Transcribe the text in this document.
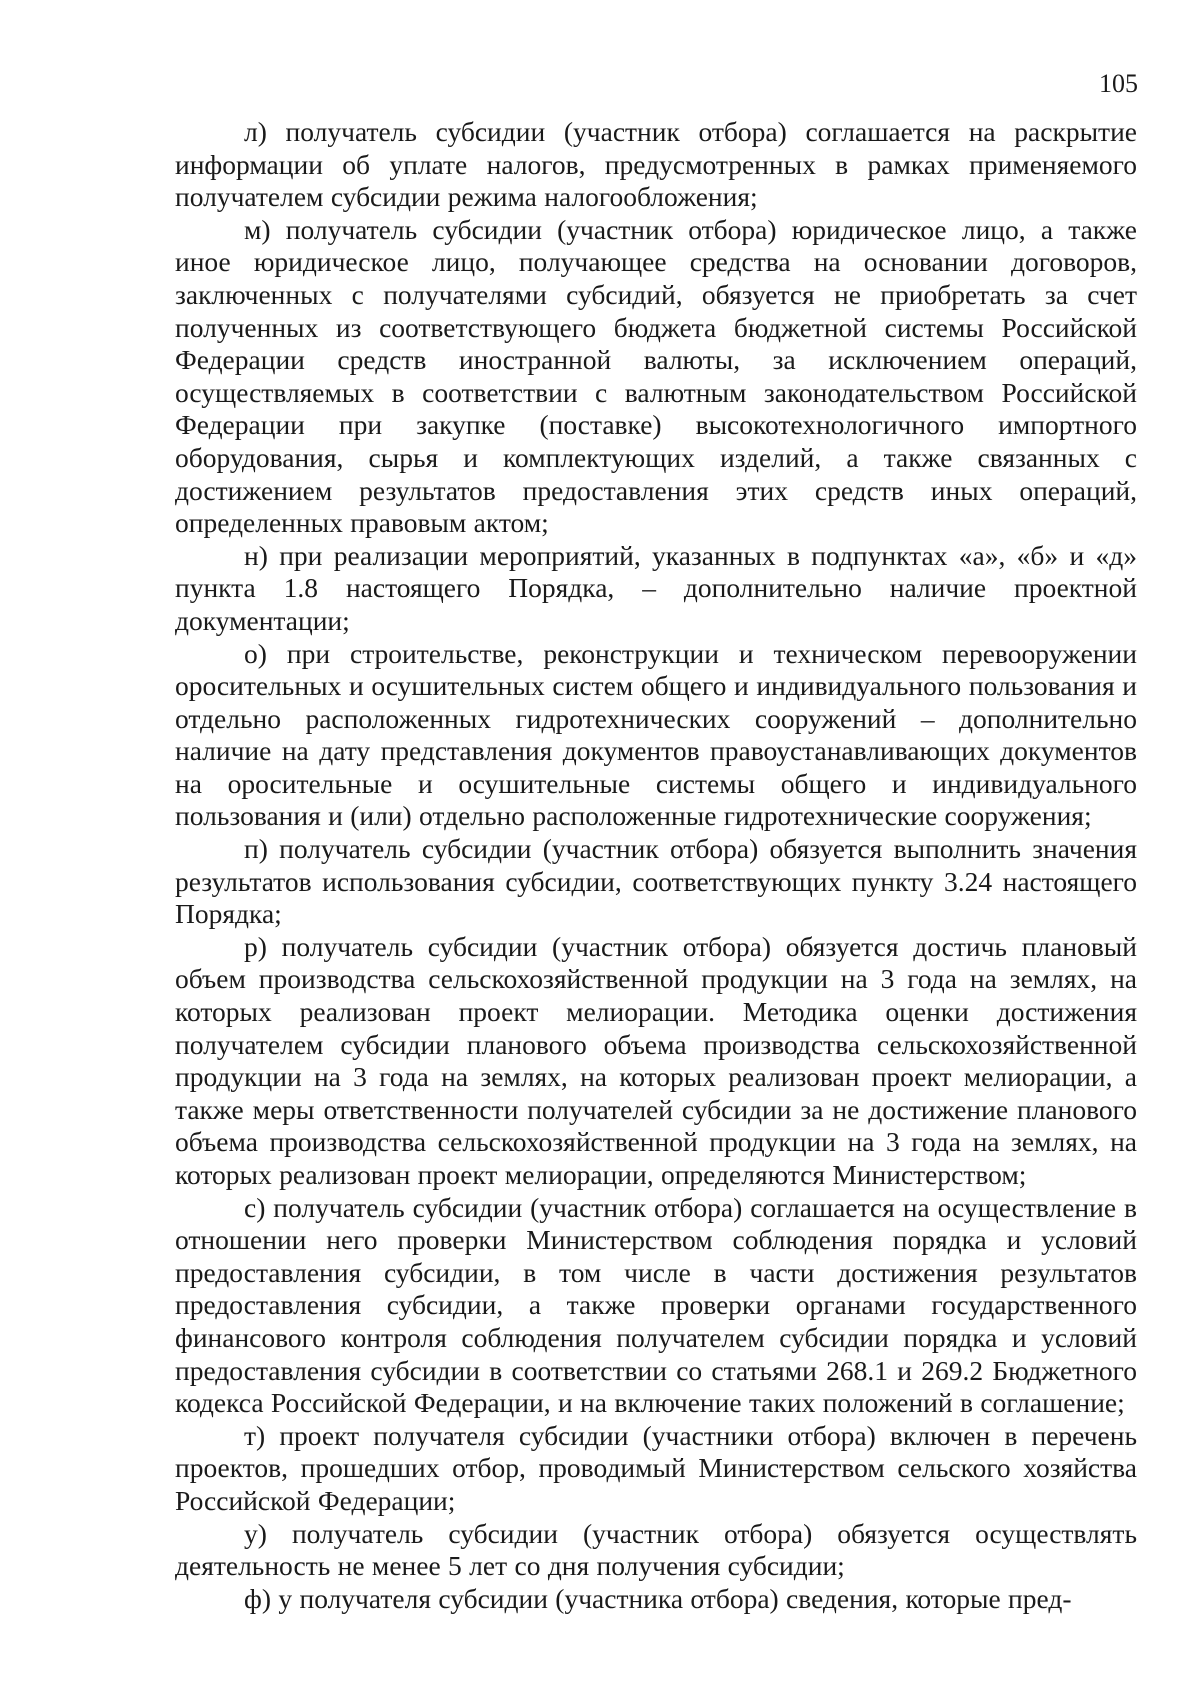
105

л) получатель субсидии (участник отбора) соглашается на раскрытие информации об уплате налогов, предусмотренных в рамках применяемого получателем субсидии режима налогообложения;

м) получатель субсидии (участник отбора) юридическое лицо, а также иное юридическое лицо, получающее средства на основании договоров, заключенных с получателями субсидий, обязуется не приобретать за счет полученных из соответствующего бюджета бюджетной системы Российской Федерации средств иностранной валюты, за исключением операций, осуществляемых в соответствии с валютным законодательством Российской Федерации при закупке (поставке) высокотехнологичного импортного оборудования, сырья и комплектующих изделий, а также связанных с достижением результатов предоставления этих средств иных операций, определенных правовым актом;

н) при реализации мероприятий, указанных в подпунктах «а», «б» и «д» пункта 1.8 настоящего Порядка, – дополнительно наличие проектной документации;

о) при строительстве, реконструкции и техническом перевооружении оросительных и осушительных систем общего и индивидуального пользования и отдельно расположенных гидротехнических сооружений – дополнительно наличие на дату представления документов правоустанавливающих документов на оросительные и осушительные системы общего и индивидуального пользования и (или) отдельно расположенные гидротехнические сооружения;

п) получатель субсидии (участник отбора) обязуется выполнить значения результатов использования субсидии, соответствующих пункту 3.24 настоящего Порядка;

р) получатель субсидии (участник отбора) обязуется достичь плановый объем производства сельскохозяйственной продукции на 3 года на землях, на которых реализован проект мелиорации. Методика оценки достижения получателем субсидии планового объема производства сельскохозяйственной продукции на 3 года на землях, на которых реализован проект мелиорации, а также меры ответственности получателей субсидии за не достижение планового объема производства сельскохозяйственной продукции на 3 года на землях, на которых реализован проект мелиорации, определяются Министерством;

с) получатель субсидии (участник отбора) соглашается на осуществление в отношении него проверки Министерством соблюдения порядка и условий предоставления субсидии, в том числе в части достижения результатов предоставления субсидии, а также проверки органами государственного финансового контроля соблюдения получателем субсидии порядка и условий предоставления субсидии в соответствии со статьями 268.1 и 269.2 Бюджетного кодекса Российской Федерации, и на включение таких положений в соглашение;

т) проект получателя субсидии (участники отбора) включен в перечень проектов, прошедших отбор, проводимый Министерством сельского хозяйства Российской Федерации;

у) получатель субсидии (участник отбора) обязуется осуществлять деятельность не менее 5 лет со дня получения субсидии;

ф) у получателя субсидии (участника отбора) сведения, которые пред-
